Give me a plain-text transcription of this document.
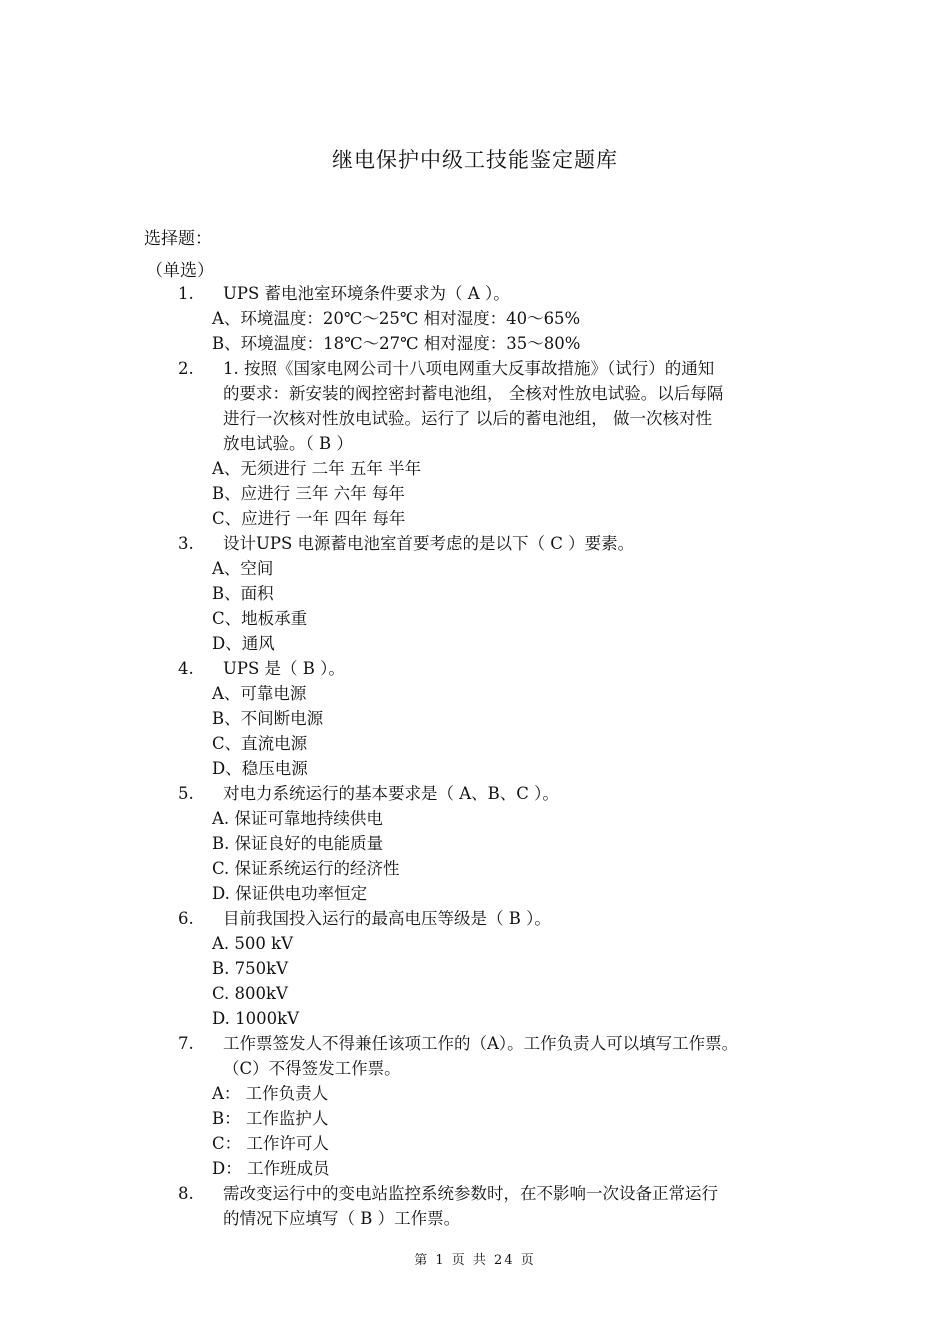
继电保护中级工技能鉴定题库
选择题：
（单选）
1. UPS 蓄电池室环境条件要求为（ A ）。
A、环境温度：20℃～25℃ 相对湿度：40～65%
B、环境温度：18℃～27℃ 相对湿度：35～80%
2. 1. 按照《国家电网公司十八项电网重大反事故措施》（试行）的通知
的要求：新安装的阀控密封蓄电池组， 全核对性放电试验。以后每隔
进行一次核对性放电试验。运行了 以后的蓄电池组， 做一次核对性
放电试验。（ B ）
A、无须进行 二年 五年 半年
B、应进行 三年 六年 每年
C、应进行 一年 四年 每年
3. 设计UPS 电源蓄电池室首要考虑的是以下（ C ）要素。
A、空间
B、面积
C、地板承重
D、通风
4. UPS 是（ B ）。
A、可靠电源
B、不间断电源
C、直流电源
D、稳压电源
5. 对电力系统运行的基本要求是（ A、B、C ）。
A. 保证可靠地持续供电
B. 保证良好的电能质量
C. 保证系统运行的经济性
D. 保证供电功率恒定
6. 目前我国投入运行的最高电压等级是（ B ）。
A. 500 kV
B. 750kV
C. 800kV
D. 1000kV
7. 工作票签发人不得兼任该项工作的（A）。工作负责人可以填写工作票。
（C）不得签发工作票。
A： 工作负责人
B： 工作监护人
C： 工作许可人
D： 工作班成员
8. 需改变运行中的变电站监控系统参数时，在不影响一次设备正常运行
的情况下应填写（ B ）工作票。
第 1 页 共 24 页
